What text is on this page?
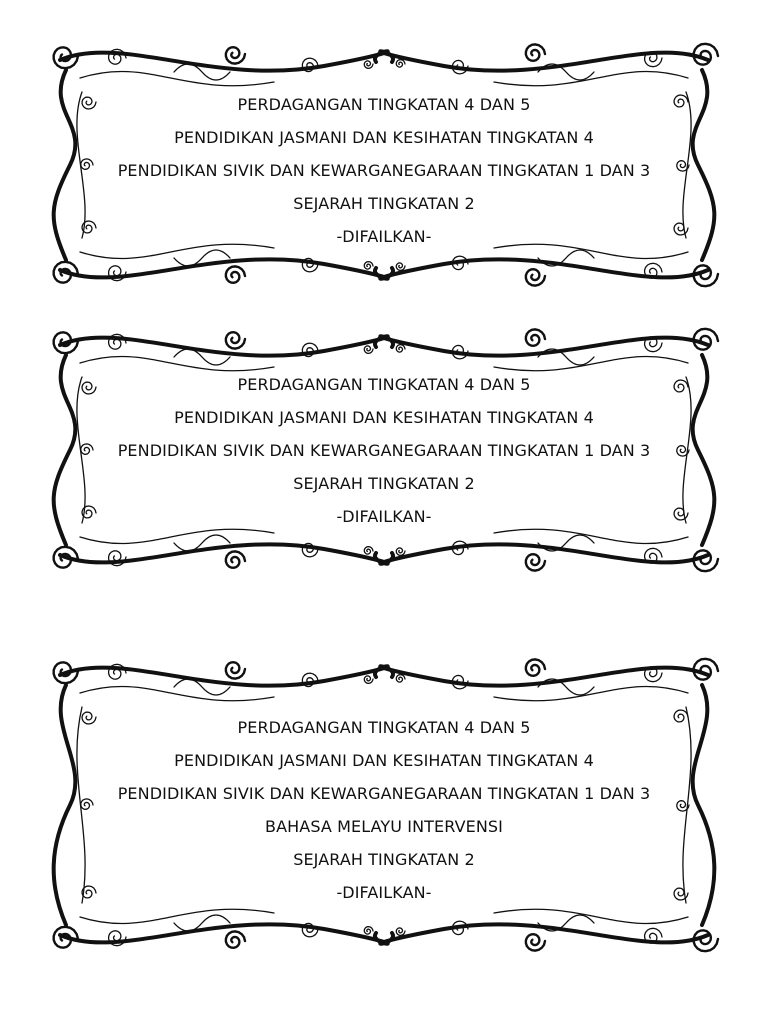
PERDAGANGAN TINGKATAN 4 DAN 5
PENDIDIKAN JASMANI DAN KESIHATAN TINGKATAN 4
PENDIDIKAN SIVIK DAN KEWARGANEGARAAN TINGKATAN 1 DAN 3
SEJARAH TINGKATAN 2
-DIFAILKAN-
PERDAGANGAN TINGKATAN 4 DAN 5
PENDIDIKAN JASMANI DAN KESIHATAN TINGKATAN 4
PENDIDIKAN SIVIK DAN KEWARGANEGARAAN TINGKATAN 1 DAN 3
SEJARAH TINGKATAN 2
-DIFAILKAN-
PERDAGANGAN TINGKATAN 4 DAN 5
PENDIDIKAN JASMANI DAN KESIHATAN TINGKATAN 4
PENDIDIKAN SIVIK DAN KEWARGANEGARAAN TINGKATAN 1 DAN 3
BAHASA MELAYU INTERVENSI
SEJARAH TINGKATAN 2
-DIFAILKAN-
